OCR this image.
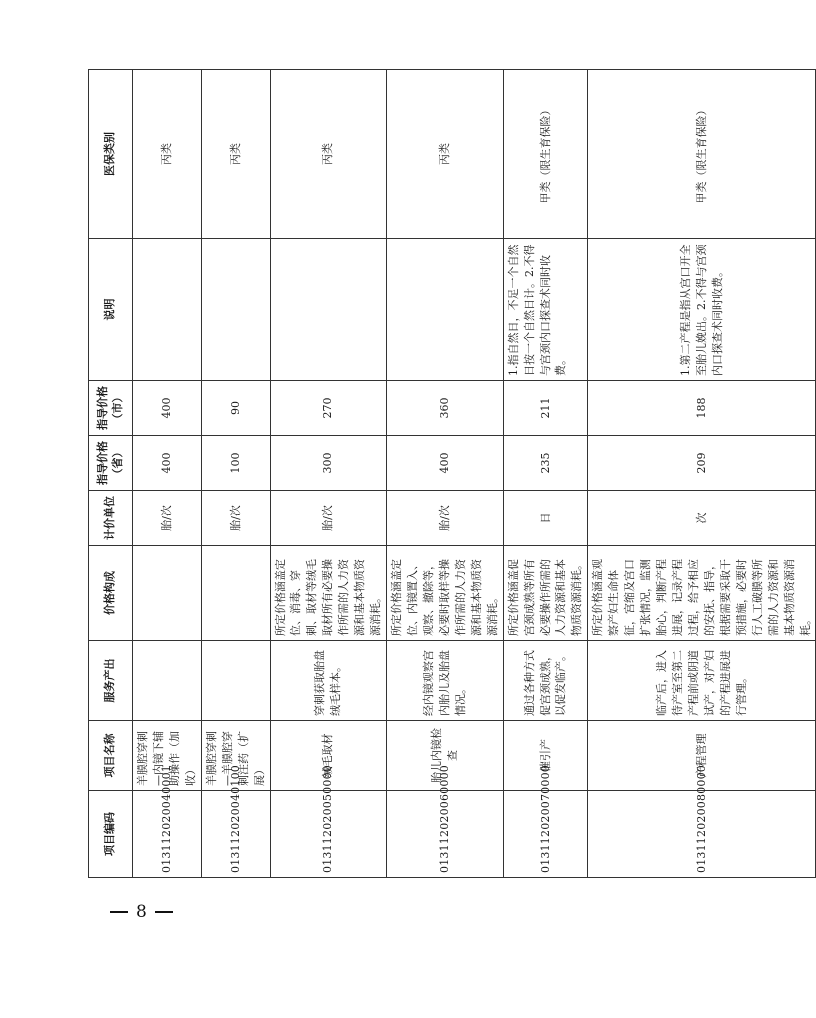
项目编码	项目名称	服务产出	价格构成	计价单位	指导价格（省）	指导价格（市）	说明	医保类别
013112020040001	羊膜腔穿刺—内镜下辅助操作（加收）			胎/次	400	400		丙类
013112020040100	羊膜腔穿刺—羊膜腔穿刺注药（扩展）			胎/次	100	90		丙类
013112020050000	绒毛取材	穿刺获取胎盘绒毛样本。	所定价格涵盖定位、消毒、穿刺、取材等绒毛取材所有必要操作所需的人力资源和基本物质资源消耗。	胎/次	300	270		丙类
013112020060000	胎儿内镜检查	经内镜观察宫内胎儿及胎盘情况。	所定价格涵盖定位、内镜置入、观察、撤除等，必要时取样等操作所需的人力资源和基本物质资源消耗。	胎/次	400	360		丙类
013112020070000	催引产	通过各种方式促宫颈成熟，以促发临产。	所定价格涵盖促宫颈成熟等所有必要操作所需的人力资源和基本物质资源消耗。	日	235	211	1.指自然日，不足一个自然日按一个自然日计。2.不得与宫颈内口探查术同时收费。	甲类（限生育保险）
013112020080000	产程管理	临产后，进入待产室至第二产程前或阴道试产，对产妇的产程进展进行管理。	所定价格涵盖观察产妇生命体征，宫缩及宫口扩张情况，监测胎心，判断产程进展，记录产程过程，给予相应的安抚、指导，根据需要采取干预措施，必要时行人工破膜等所需的人力资源和基本物质资源消耗。	次	209	188	1.第二产程是指从宫口开全至胎儿娩出。2.不得与宫颈内口探查术同时收费。	甲类（限生育保险）
8
